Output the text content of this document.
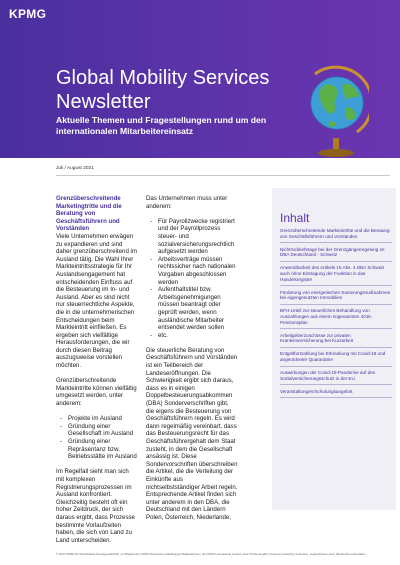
KPMG
Global Mobility Services Newsletter
Aktuelle Themen und Fragestellungen rund um den internationalen Mitarbeitereinsatz
Juli / August 2021

Grenzüberschreitende Marketingtritte und die Beratung von Geschäftsführern und Vorständen

Viele Unternehmen erwägen zu expandieren und sind daher grenzüberschreitend im Ausland tätig. Die Wahl Ihrer Markteintrittsstrategie für Ihr Auslandsengagement hat entscheidenden Einfluss auf die Besteuerung im In- und Ausland. Aber es sind nicht nur steuerrechtliche Aspekte, die in die unternehmerischen Entscheidungen beim Markteintritt einfließen. Es ergeben sich vielfältige Herausforderungen, die wir durch diesen Beitrag auszugsweise vorstellen möchten.

Grenzüberschreitende Markteintritte können vielfältig umgesetzt werden, unter anderem:

- Projekte im Ausland
- Gründung einer Gesellschaft im Ausland
- Gründung einer Repräsentanz bzw. Betriebsstätte im Ausland

Im Regelfall sieht man sich mit komplexen Registrierungsprozessen im Ausland konfrontiert. Gleichzeitig besteht oft ein hoher Zeitdruck, der sich daraus ergibt, dass Prozesse bestimmte Vorlaufzeiten haben, die sich von Land zu Land unterscheiden.

Das Unternehmen muss unter anderem:

- Für Payrollzwecke registriert und der Payrollprozess steuer- und sozialversicherungsrechtlich aufgesetzt werden
- Arbeitsverträge müssen rechtssicher nach nationalen Vorgaben abgeschlossen werden
- Aufenthaltstitel bzw. Arbeitsgenehmigungen müssen beantragt oder geprüft werden, wenn ausländische Mitarbeiter entsendet werden sollen
- etc.

Die steuerliche Beratung von Geschäftsführern und Vorständen ist ein Teilbereich der Landeseröffnungen. Die Schwierigkeit ergibt sich daraus, dass es in einigen Doppelbesteuerungsabkommen (DBA) Sonderverschriften gibt, die eigens die Besteuerung von Geschäftsführern regeln. Es wird dann regelmäßig vereinbart, dass das Besteuerungsrecht für das Geschäftsführergehalt dem Staat zusteht, in dem die Gesellschaft ansässig ist. Diese Sondervorschriften überschreiben die Artikel, die die Verteilung der Einkünfte aus nichtselbstständiger Arbeit regeln. Entsprechende Artikel finden sich unter anderem in den DBA, die Deutschland mit den Ländern Polen, Österreich, Niederlande,

Inhalt
Grenzüberschreitende Markteintritte und die Beratung von Geschäftsführern und Vorständen
Nichtrückkehrtage bei der Grenzgängerregelung im DBA Deutschland - Schweiz
Anwendbarkeit des Artikels 15 Abs. 4 DBA Schweiz auch ohne Eintragung der Funktion in das Handelsregister
Förderung von energetischen Sanierungsmaßnahmen bei eigengenutzten Immobilien
BFH-Urteil zur steuerlichen Behandlung von Auszahlungen aus einem sogenannten 401k-Pensionsplan
Arbeitgeberzuschüsse zur privaten Krankenversicherung bei Kurzarbeit
Entgeltfortzahlung bei Erkrankung mit Covid-19 und angeordneter Quarantäne
Auswirkungen der Covid-19-Pandemie auf den Sozialversicherungsschutz in der EU
Veranstaltungen/Schulungsangebot
© 2021 KPMG AG Wirtschaftsprüfungsgesellschaft, ein Mitglied des KPMG-Netzwerks unabhängiger Mitgliedsfirmen, die KPMG International Limited, einer Private English Company Limited by Guarantee, angeschlossen sind. Alle Rechte vorbehalten.
